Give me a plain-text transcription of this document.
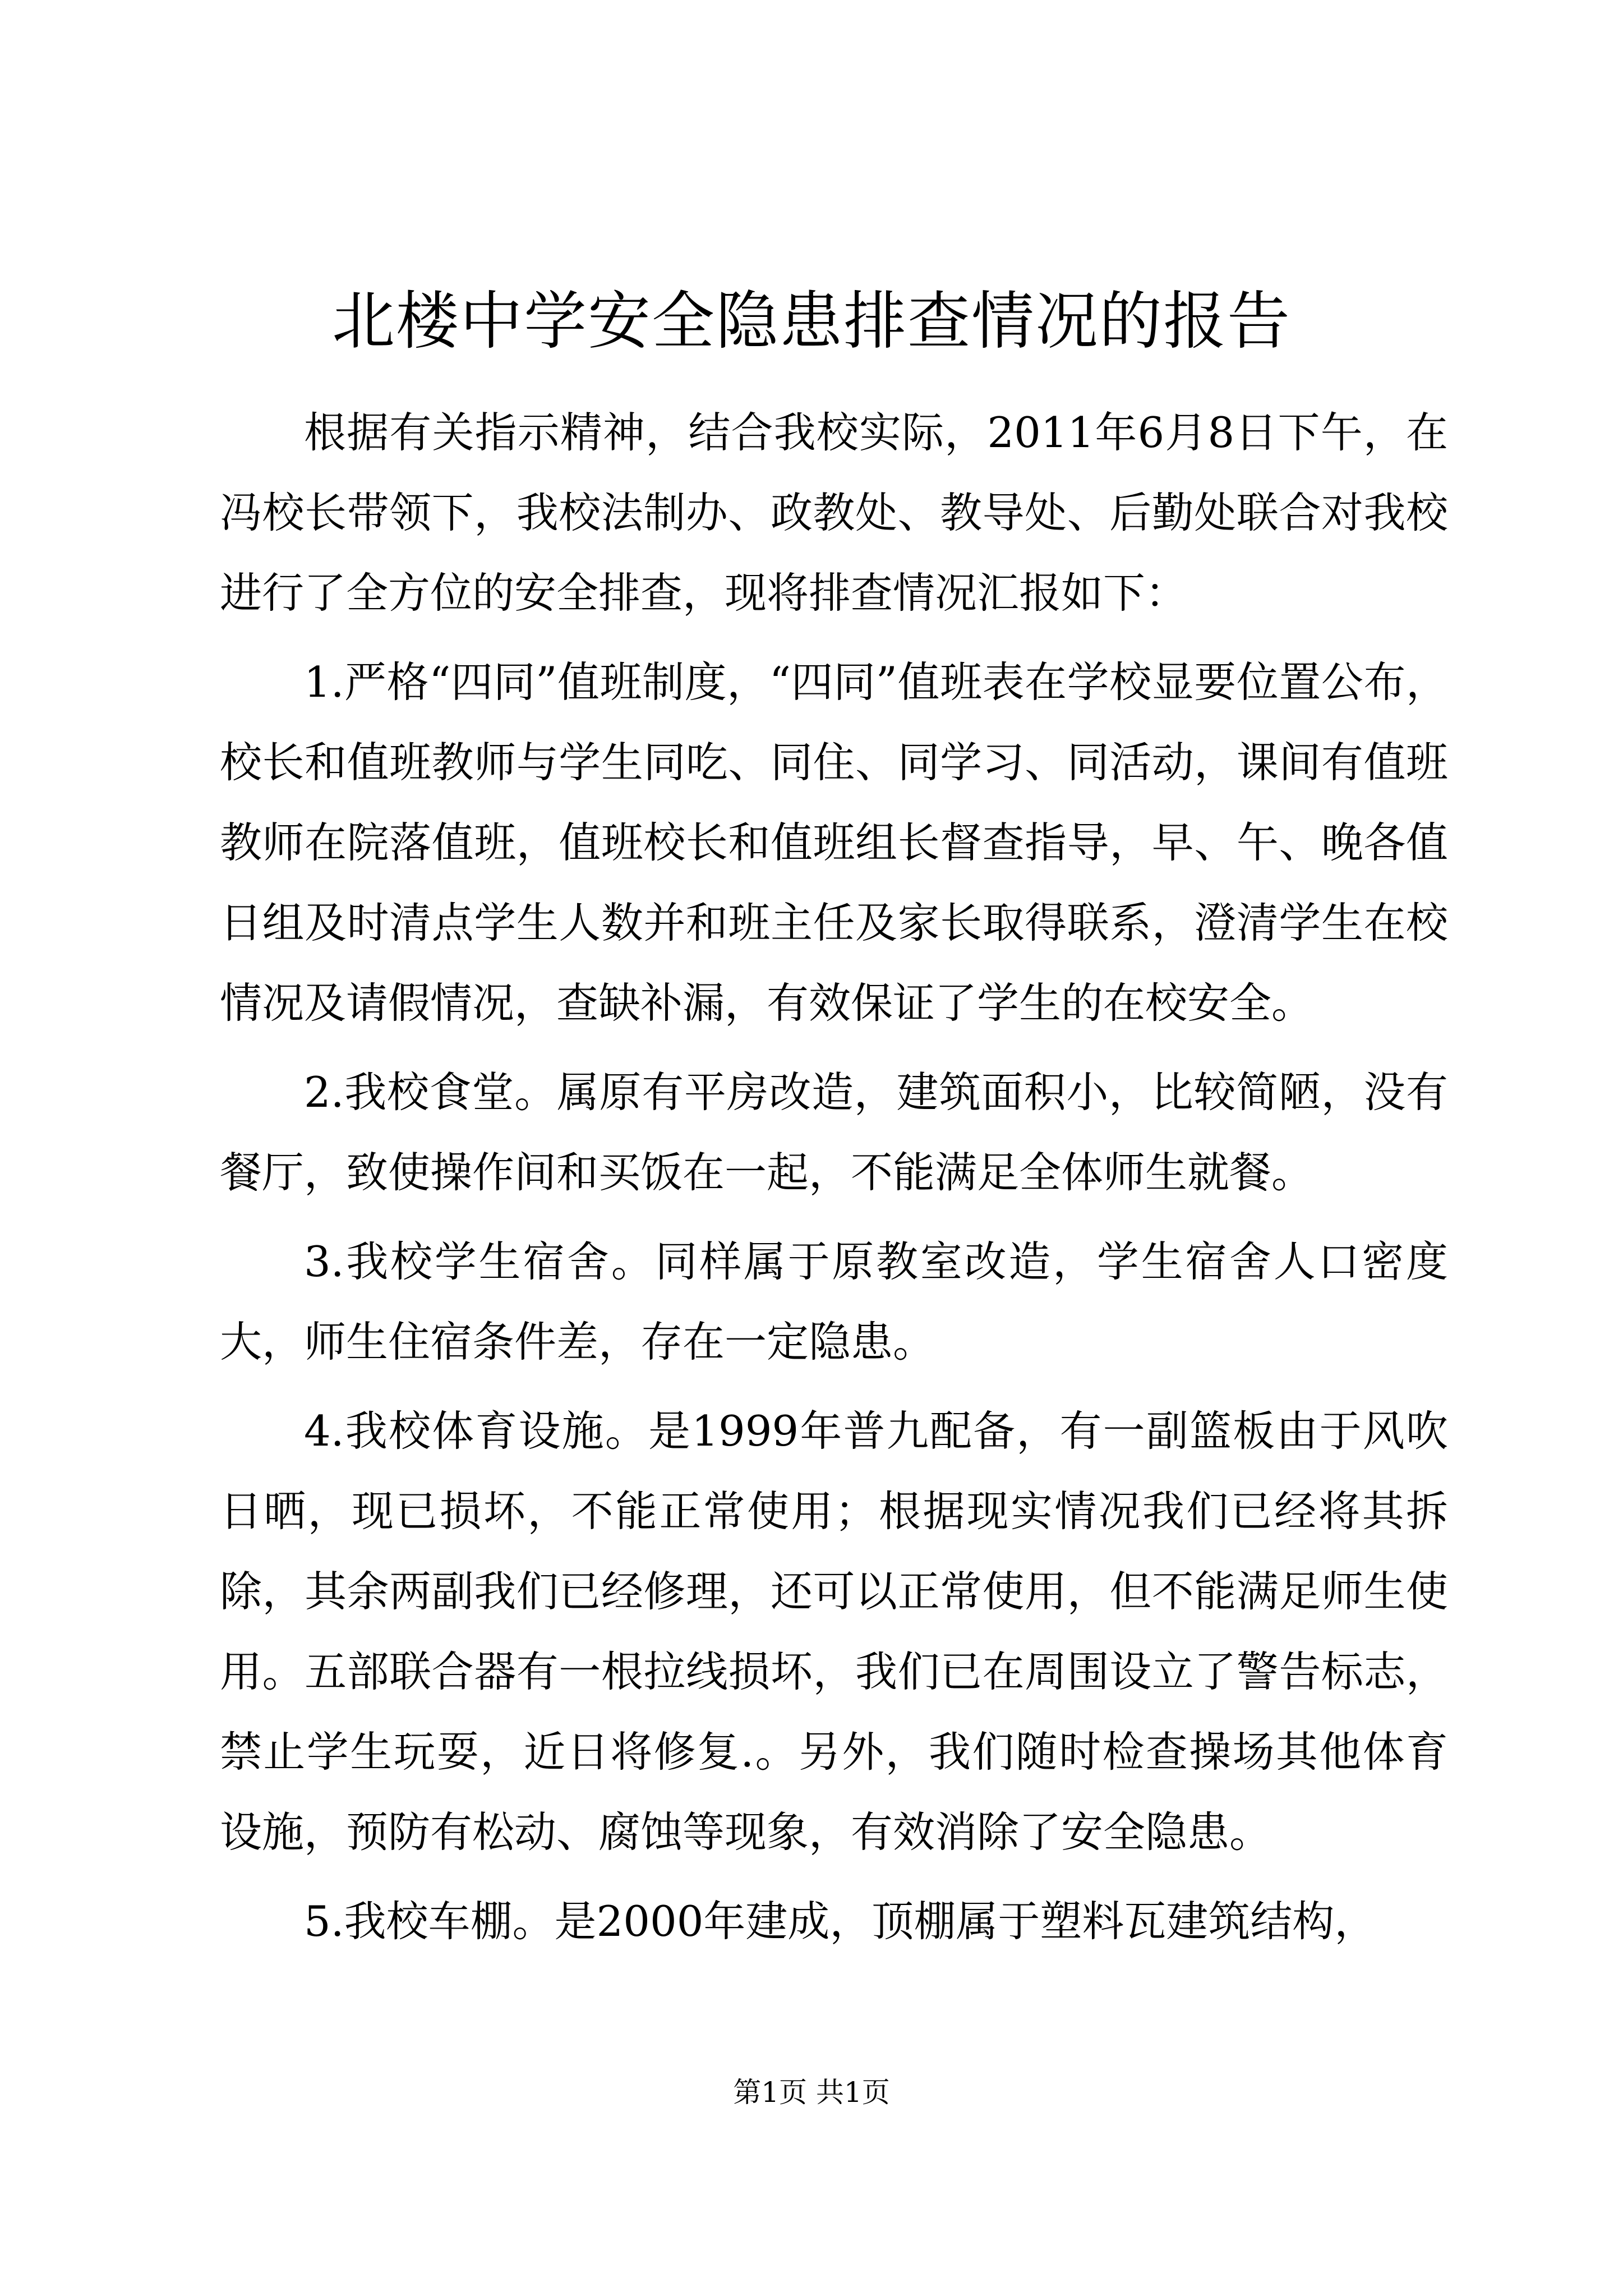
北楼中学安全隐患排查情况的报告

根据有关指示精神，结合我校实际，2011年6月8日下午，在冯校长带领下，我校法制办、政教处、教导处、后勤处联合对我校进行了全方位的安全排查，现将排查情况汇报如下：

1.严格“四同”值班制度，“四同”值班表在学校显要位置公布，校长和值班教师与学生同吃、同住、同学习、同活动，课间有值班教师在院落值班，值班校长和值班组长督查指导，早、午、晚各值日组及时清点学生人数并和班主任及家长取得联系，澄清学生在校情况及请假情况，查缺补漏，有效保证了学生的在校安全。

2.我校食堂。属原有平房改造，建筑面积小，比较简陋，没有餐厅，致使操作间和买饭在一起，不能满足全体师生就餐。

3.我校学生宿舍。同样属于原教室改造，学生宿舍人口密度大，师生住宿条件差，存在一定隐患。

4.我校体育设施。是1999年普九配备，有一副篮板由于风吹日晒，现已损坏，不能正常使用；根据现实情况我们已经将其拆除，其余两副我们已经修理，还可以正常使用，但不能满足师生使用。五部联合器有一根拉线损坏，我们已在周围设立了警告标志，禁止学生玩耍，近日将修复.。另外，我们随时检查操场其他体育设施，预防有松动、腐蚀等现象，有效消除了安全隐患。

5.我校车棚。是2000年建成，顶棚属于塑料瓦建筑结构，

第1页 共1页
